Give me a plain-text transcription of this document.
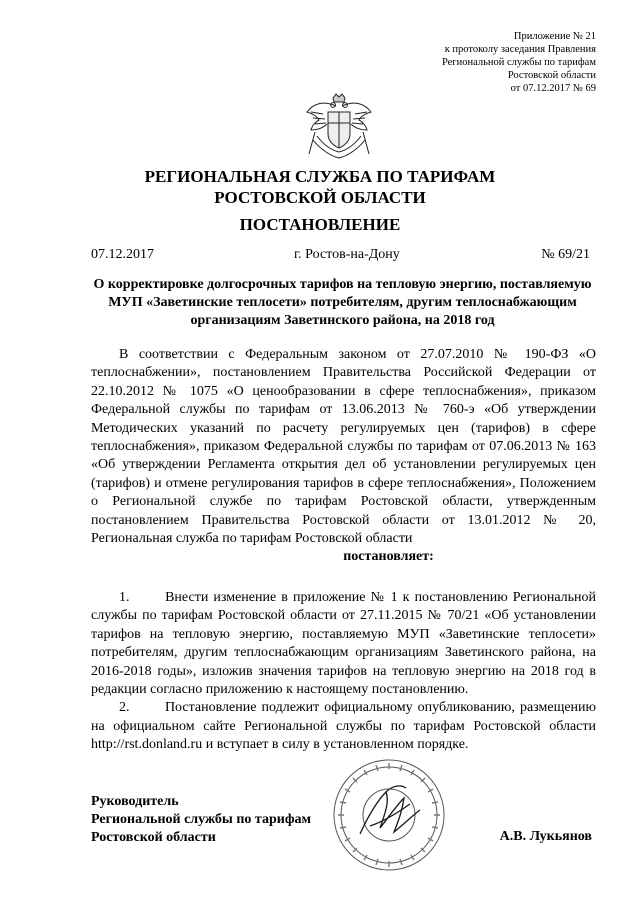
Приложение № 21
к протоколу заседания Правления
Региональной службы по тарифам
Ростовской области
от 07.12.2017 № 69
РЕГИОНАЛЬНАЯ СЛУЖБА ПО ТАРИФАМ
РОСТОВСКОЙ ОБЛАСТИ
ПОСТАНОВЛЕНИЕ
07.12.2017	г. Ростов-на-Дону	№ 69/21
О корректировке долгосрочных тарифов на тепловую энергию, поставляемую МУП «Заветинские теплосети» потребителям, другим теплоснабжающим организациям Заветинского района, на 2018 год

В соответствии с Федеральным законом от 27.07.2010 № 190-ФЗ «О теплоснабжении», постановлением Правительства Российской Федерации от 22.10.2012 № 1075 «О ценообразовании в сфере теплоснабжения», приказом Федеральной службы по тарифам от 13.06.2013 № 760-э «Об утверждении Методических указаний по расчету регулируемых цен (тарифов) в сфере теплоснабжения», приказом Федеральной службы по тарифам от 07.06.2013 № 163 «Об утверждении Регламента открытия дел об установлении регулируемых цен (тарифов) и отмене регулирования тарифов в сфере теплоснабжения», Положением о Региональной службе по тарифам Ростовской области, утвержденным постановлением Правительства Ростовской области от 13.01.2012 № 20, Региональная служба по тарифам Ростовской области

постановляет:

1.	Внести изменение в приложение № 1 к постановлению Региональной службы по тарифам Ростовской области от 27.11.2015 № 70/21 «Об установлении тарифов на тепловую энергию, поставляемую МУП «Заветинские теплосети» потребителям, другим теплоснабжающим организациям Заветинского района, на 2016-2018 годы», изложив значения тарифов на тепловую энергию на 2018 год в редакции согласно приложению к настоящему постановлению.

2.	Постановление подлежит официальному опубликованию, размещению на официальном сайте Региональной службы по тарифам Ростовской области http://rst.donland.ru и вступает в силу в установленном порядке.

Руководитель
Региональной службы по тарифам
Ростовской области	А.В. Лукьянов
